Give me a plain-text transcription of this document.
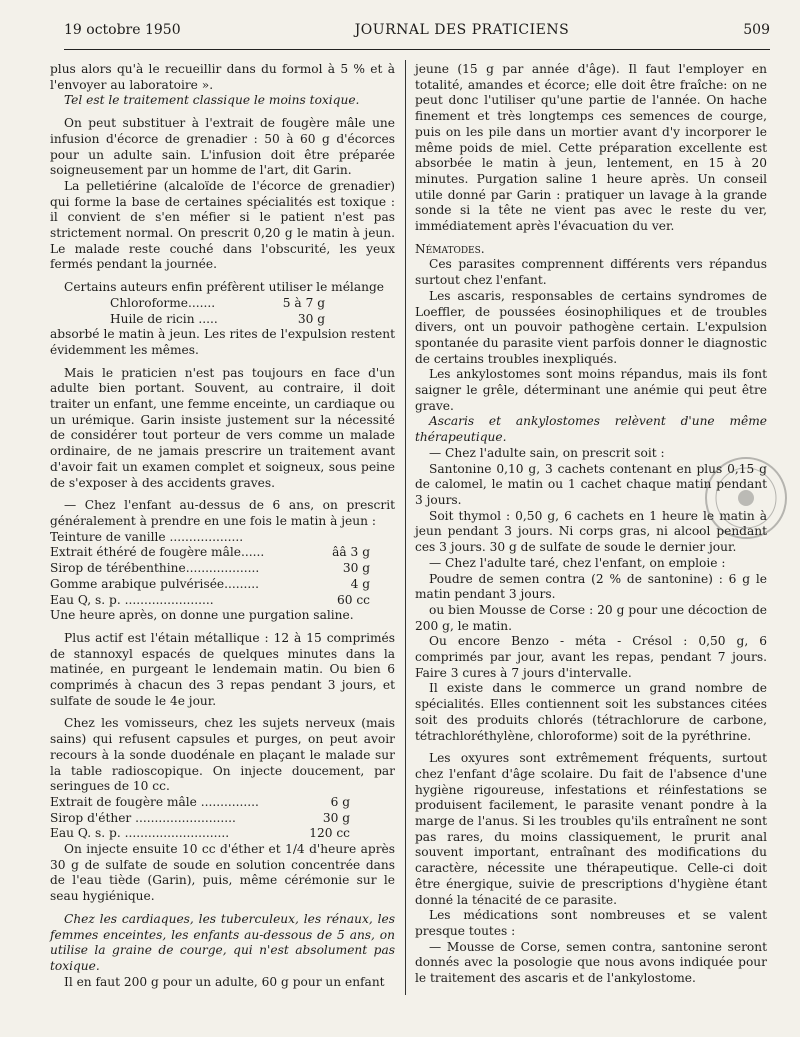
19 octobre 1950	JOURNAL DES PRATICIENS	509

plus alors qu'à le recueillir dans du formol à 5 % et à l'envoyer au laboratoire ».

Tel est le traitement classique le moins toxique.

On peut substituer à l'extrait de fougère mâle une infusion d'écorce de grenadier : 50 à 60 g d'écorces pour un adulte sain. L'infusion doit être préparée soigneusement par un homme de l'art, dit Garin.

La pelletiérine (alcaloïde de l'écorce de grenadier) qui forme la base de certaines spécialités est toxique : il convient de s'en méfier si le patient n'est pas strictement normal. On prescrit 0,20 g le matin à jeun. Le malade reste couché dans l'obscurité, les yeux fermés pendant la journée.

Certains auteurs enfin préfèrent utiliser le mélange

Chloroforme.......	5 à 7 g
Huile de ricin .....	30 g

absorbé le matin à jeun. Les rites de l'expulsion restent évidemment les mêmes.

Mais le praticien n'est pas toujours en face d'un adulte bien portant. Souvent, au contraire, il doit traiter un enfant, une femme enceinte, un cardiaque ou un urémique. Garin insiste justement sur la nécessité de considérer tout porteur de vers comme un malade ordinaire, de ne jamais prescrire un traitement avant d'avoir fait un examen complet et soigneux, sous peine de s'exposer à des accidents graves.

— Chez l'enfant au-dessus de 6 ans, on prescrit généralement à prendre en une fois le matin à jeun :

Teinture de vanille ...................
Extrait éthéré de fougère mâle......	ââ 3 g
Sirop de térébenthine...................	30 g
Gomme arabique pulvérisée.........	4 g
Eau Q, s. p. .......................	60 cc

Une heure après, on donne une purgation saline.

Plus actif est l'étain métallique : 12 à 15 comprimés de stannoxyl espacés de quelques minutes dans la matinée, en purgeant le lendemain matin. Ou bien 6 comprimés à chacun des 3 repas pendant 3 jours, et sulfate de soude le 4e jour.

Chez les vomisseurs, chez les sujets nerveux (mais sains) qui refusent capsules et purges, on peut avoir recours à la sonde duodénale en plaçant le malade sur la table radioscopique. On injecte doucement, par seringues de 10 cc.

Extrait de fougère mâle ...............	6 g
Sirop d'éther ..........................	30 g
Eau Q. s. p. ...........................	120 cc

On injecte ensuite 10 cc d'éther et 1/4 d'heure après 30 g de sulfate de soude en solution concentrée dans de l'eau tiède (Garin), puis, même cérémonie sur le seau hygiénique.

Chez les cardiaques, les tuberculeux, les rénaux, les femmes enceintes, les enfants au-dessous de 5 ans, on utilise la graine de courge, qui n'est absolument pas toxique.

Il en faut 200 g pour un adulte, 60 g pour un enfant

jeune (15 g par année d'âge). Il faut l'employer en totalité, amandes et écorce; elle doit être fraîche: on ne peut donc l'utiliser qu'une partie de l'année. On hache finement et très longtemps ces semences de courge, puis on les pile dans un mortier avant d'y incorporer le même poids de miel. Cette préparation excellente est absorbée le matin à jeun, lentement, en 15 à 20 minutes. Purgation saline 1 heure après. Un conseil utile donné par Garin : pratiquer un lavage à la grande sonde si la tête ne vient pas avec le reste du ver, immédiatement après l'évacuation du ver.

Nématodes.

Ces parasites comprennent différents vers répandus surtout chez l'enfant.

Les ascaris, responsables de certains syndromes de Loeffler, de poussées éosinophiliques et de troubles divers, ont un pouvoir pathogène certain. L'expulsion spontanée du parasite vient parfois donner le diagnostic de certains troubles inexpliqués.

Les ankylostomes sont moins répandus, mais ils font saigner le grêle, déterminant une anémie qui peut être grave.

Ascaris et ankylostomes relèvent d'une même thérapeutique.

— Chez l'adulte sain, on prescrit soit :

Santonine 0,10 g, 3 cachets contenant en plus 0,15 g de calomel, le matin ou 1 cachet chaque matin pendant 3 jours.

Soit thymol : 0,50 g, 6 cachets en 1 heure le matin à jeun pendant 3 jours. Ni corps gras, ni alcool pendant ces 3 jours. 30 g de sulfate de soude le dernier jour.

— Chez l'adulte taré, chez l'enfant, on emploie :

Poudre de semen contra (2 % de santonine) : 6 g le matin pendant 3 jours.

ou bien Mousse de Corse : 20 g pour une décoction de 200 g, le matin.

Ou encore Benzo - méta - Crésol : 0,50 g, 6 comprimés par jour, avant les repas, pendant 7 jours. Faire 3 cures à 7 jours d'intervalle.

Il existe dans le commerce un grand nombre de spécialités. Elles contiennent soit les substances citées soit des produits chlorés (tétrachlorure de carbone, tétrachloréthylène, chloroforme) soit de la pyréthrine.

Les oxyures sont extrêmement fréquents, surtout chez l'enfant d'âge scolaire. Du fait de l'absence d'une hygiène rigoureuse, infestations et réinfestations se produisent facilement, le parasite venant pondre à la marge de l'anus. Si les troubles qu'ils entraînent ne sont pas rares, du moins classiquement, le prurit anal souvent important, entraînant des modifications du caractère, nécessite une thérapeutique. Celle-ci doit être énergique, suivie de prescriptions d'hygiène étant donné la ténacité de ce parasite.

Les médications sont nombreuses et se valent presque toutes :

— Mousse de Corse, semen contra, santonine seront donnés avec la posologie que nous avons indiquée pour le traitement des ascaris et de l'ankylostome.
